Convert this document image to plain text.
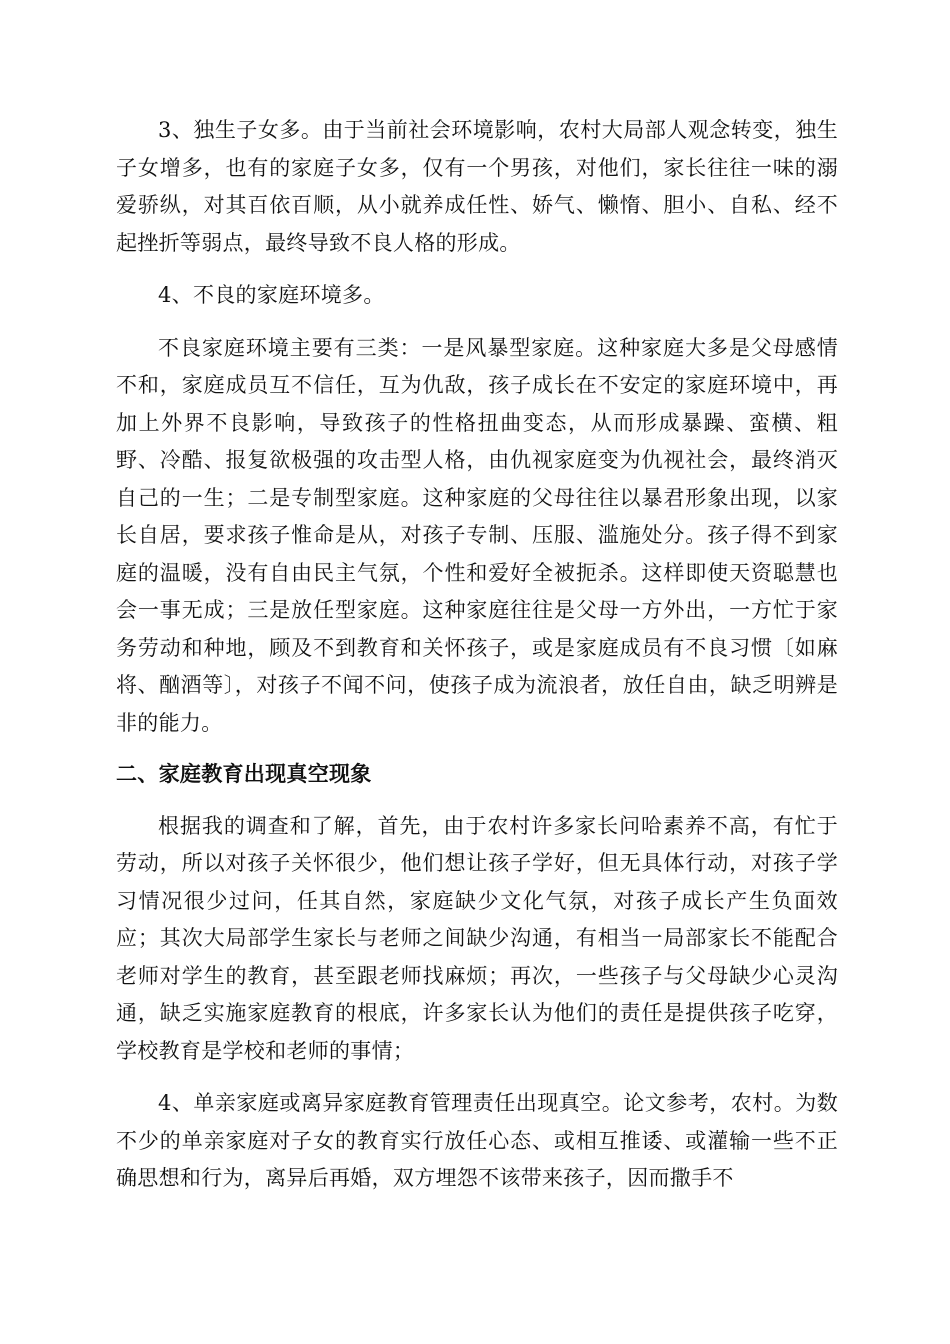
3、独生子女多。由于当前社会环境影响，农村大局部人观念转变，独生子女增多，也有的家庭子女多，仅有一个男孩，对他们，家长往往一味的溺爱骄纵，对其百依百顺，从小就养成任性、娇气、懒惰、胆小、自私、经不起挫折等弱点，最终导致不良人格的形成。

4、不良的家庭环境多。

不良家庭环境主要有三类：一是风暴型家庭。这种家庭大多是父母感情不和，家庭成员互不信任，互为仇敌，孩子成长在不安定的家庭环境中，再加上外界不良影响，导致孩子的性格扭曲变态，从而形成暴躁、蛮横、粗野、冷酷、报复欲极强的攻击型人格，由仇视家庭变为仇视社会，最终消灭自己的一生；二是专制型家庭。这种家庭的父母往往以暴君形象出现，以家长自居，要求孩子惟命是从，对孩子专制、压服、滥施处分。孩子得不到家庭的温暖，没有自由民主气氛，个性和爱好全被扼杀。这样即使天资聪慧也会一事无成；三是放任型家庭。这种家庭往往是父母一方外出，一方忙于家务劳动和种地，顾及不到教育和关怀孩子，或是家庭成员有不良习惯〔如麻将、酗酒等〕，对孩子不闻不问，使孩子成为流浪者，放任自由，缺乏明辨是非的能力。

二、家庭教育出现真空现象

根据我的调查和了解，首先，由于农村许多家长问哈素养不高，有忙于劳动，所以对孩子关怀很少，他们想让孩子学好，但无具体行动，对孩子学习情况很少过问，任其自然，家庭缺少文化气氛，对孩子成长产生负面效应；其次大局部学生家长与老师之间缺少沟通，有相当一局部家长不能配合老师对学生的教育，甚至跟老师找麻烦；再次，一些孩子与父母缺少心灵沟通，缺乏实施家庭教育的根底，许多家长认为他们的责任是提供孩子吃穿，学校教育是学校和老师的事情；

4、单亲家庭或离异家庭教育管理责任出现真空。论文参考，农村。为数不少的单亲家庭对子女的教育实行放任心态、或相互推诿、或灌输一些不正确思想和行为，离异后再婚，双方埋怨不该带来孩子，因而撒手不
